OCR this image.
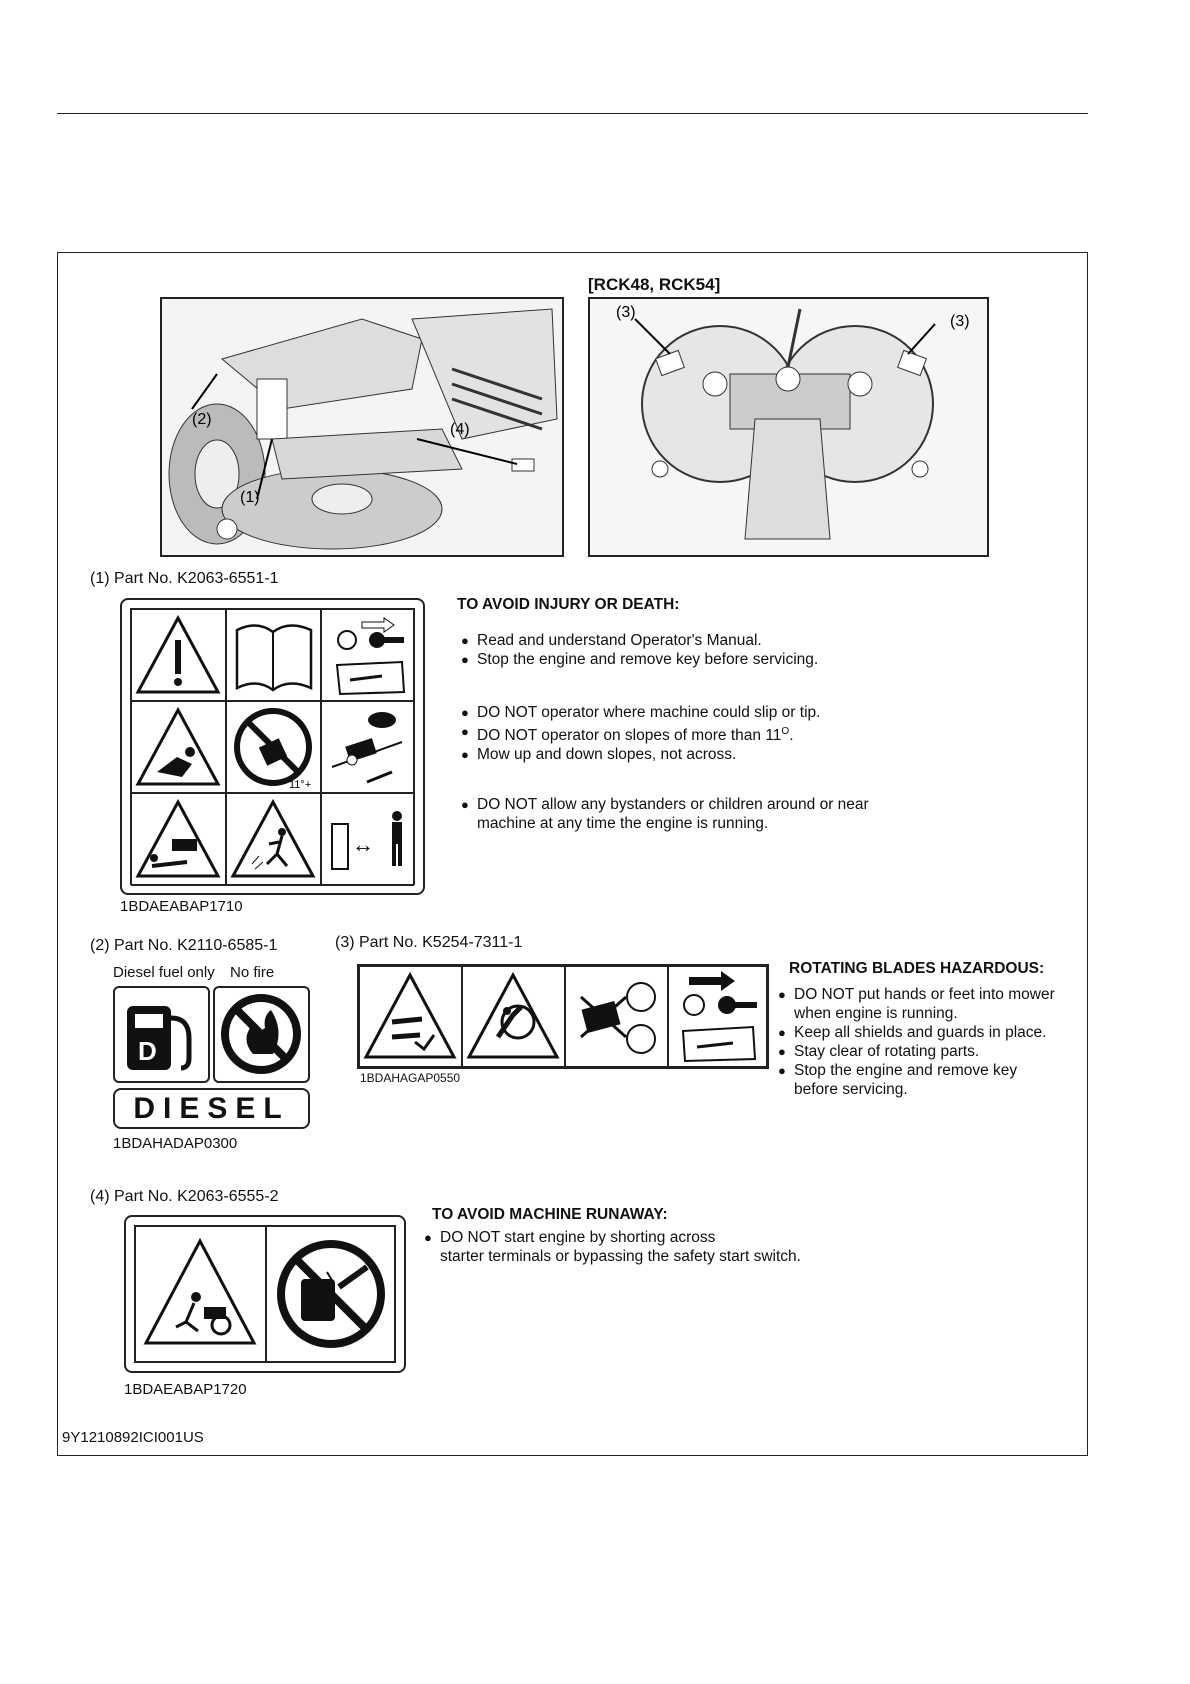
(2)
(4)
(1)
[RCK48, RCK54]
(3)
(3)
(1) Part No. K2063-6551-1
11°+
↔
1BDAEABAP1710
TO AVOID INJURY OR DEATH:
● Read and understand Operator's Manual.
● Stop the engine and remove key before servicing.
● DO NOT operator where machine could slip or tip.
● DO NOT operator on slopes of more than $11^O$.
● Mow up and down slopes, not across.
● DO NOT allow any bystanders or children around or near
machine at any time the engine is running.
(2) Part No. K2110-6585-1
Diesel fuel only No fire
D
DIESEL
1BDAHADAP0300
(3) Part No. K5254-7311-1
1BDAHAGAP0550
ROTATING BLADES HAZARDOUS:
● DO NOT put hands or feet into mower
when engine is running.
● Keep all shields and guards in place.
● Stay clear of rotating parts.
● Stop the engine and remove key
before servicing.
(4) Part No. K2063-6555-2
1BDAEABAP1720
TO AVOID MACHINE RUNAWAY:
● DO NOT start engine by shorting across
starter terminals or bypassing the safety start switch.
9Y1210892ICI001US
